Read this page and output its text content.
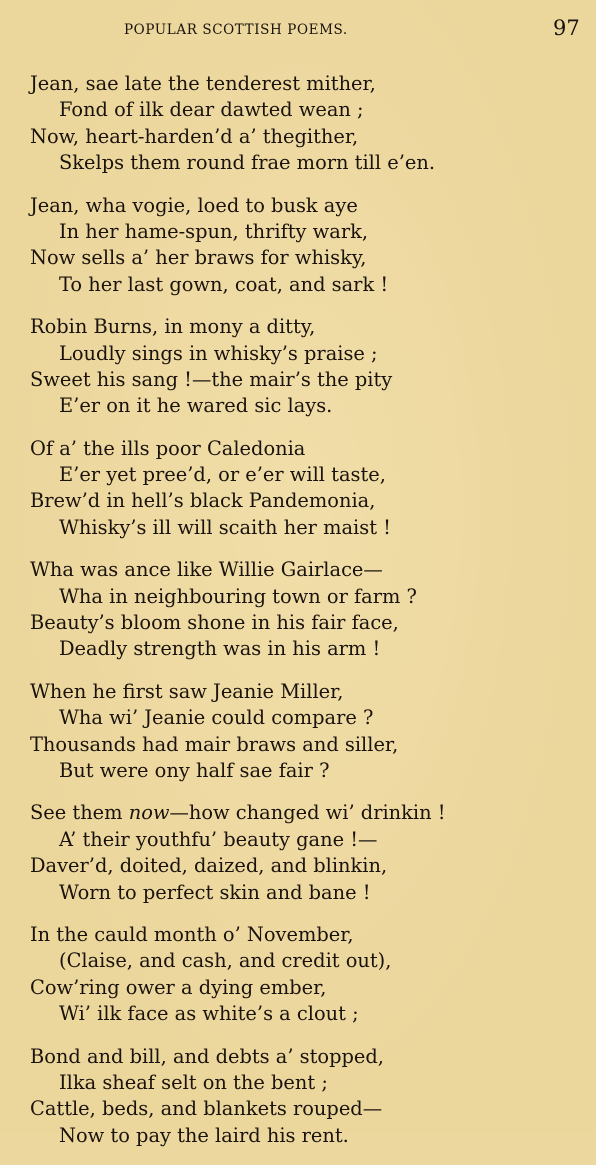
POPULAR SCOTTISH POEMS.	97
Jean, sae late the tenderest mither,
Fond of ilk dear dawted wean ;
Now, heart-harden’d a’ thegither,
Skelps them round frae morn till e’en.
Jean, wha vogie, loed to busk aye
In her hame-spun, thrifty wark,
Now sells a’ her braws for whisky,
To her last gown, coat, and sark !
Robin Burns, in mony a ditty,
Loudly sings in whisky’s praise ;
Sweet his sang !—the mair’s the pity
E’er on it he wared sic lays.
Of a’ the ills poor Caledonia
E’er yet pree’d, or e’er will taste,
Brew’d in hell’s black Pandemonia,
Whisky’s ill will scaith her maist !
Wha was ance like Willie Gairlace—
Wha in neighbouring town or farm ?
Beauty’s bloom shone in his fair face,
Deadly strength was in his arm !
When he first saw Jeanie Miller,
Wha wi’ Jeanie could compare ?
Thousands had mair braws and siller,
But were ony half sae fair ?
See them now—how changed wi’ drinkin !
A’ their youthfu’ beauty gane !—
Daver’d, doited, daized, and blinkin,
Worn to perfect skin and bane !
In the cauld month o’ November,
(Claise, and cash, and credit out),
Cow’ring ower a dying ember,
Wi’ ilk face as white’s a clout ;
Bond and bill, and debts a’ stopped,
Ilka sheaf selt on the bent ;
Cattle, beds, and blankets rouped—
Now to pay the laird his rent.
